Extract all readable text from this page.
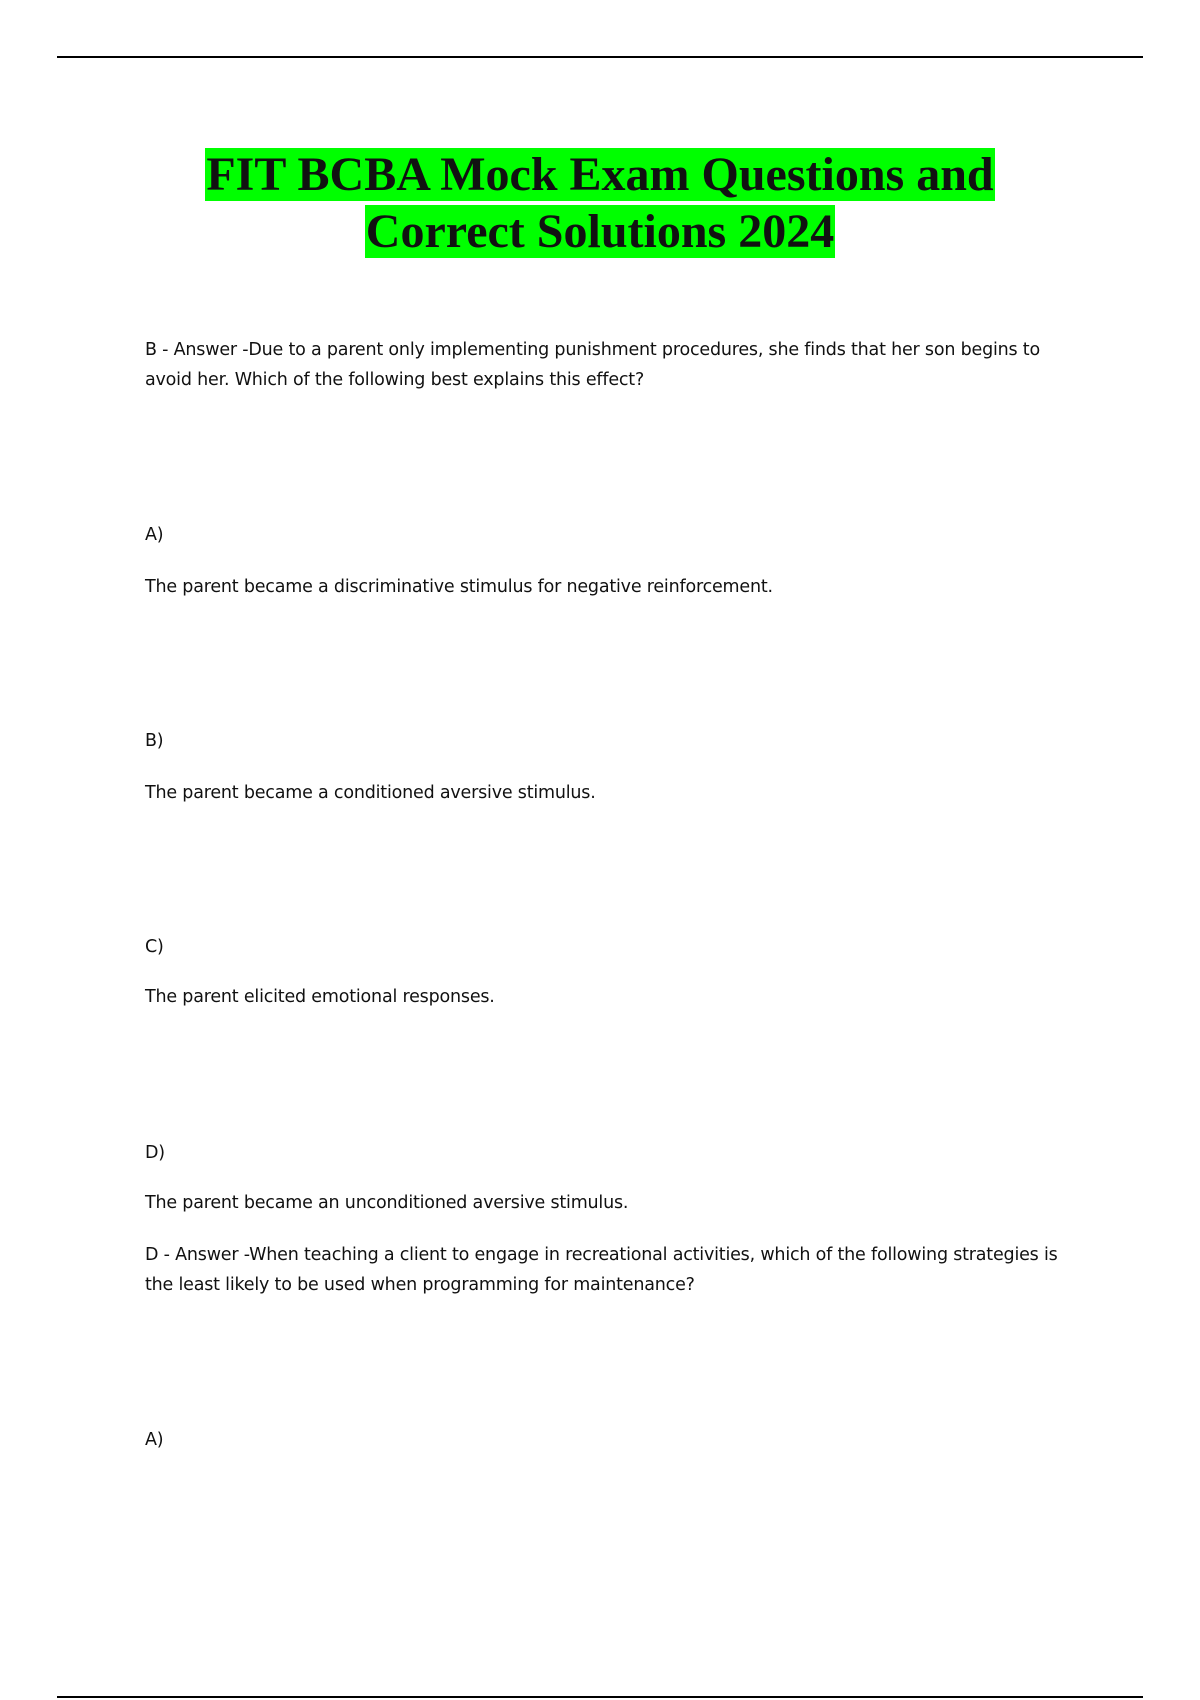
FIT BCBA Mock Exam Questions and
Correct Solutions 2024

B - Answer -Due to a parent only implementing punishment procedures, she finds that her son begins to avoid her. Which of the following best explains this effect?

A)

The parent became a discriminative stimulus for negative reinforcement.

B)

The parent became a conditioned aversive stimulus.

C)

The parent elicited emotional responses.

D)

The parent became an unconditioned aversive stimulus.

D - Answer -When teaching a client to engage in recreational activities, which of the following strategies is the least likely to be used when programming for maintenance?

A)
